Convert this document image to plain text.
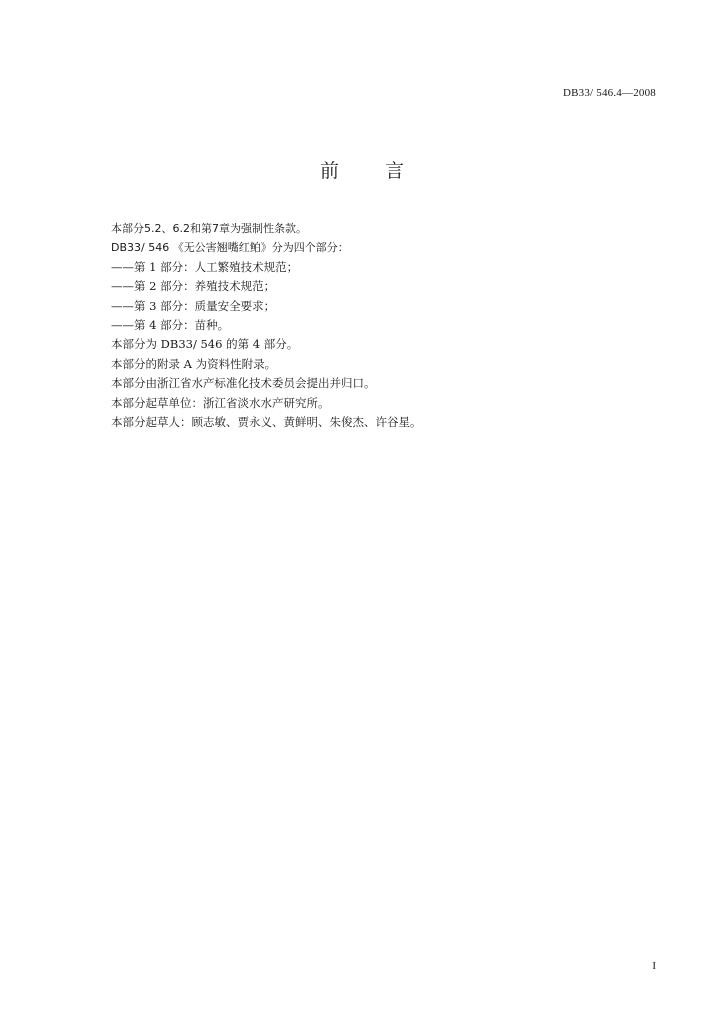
DB33/ 546.4—2008
前 言

本部分5.2、6.2和第7章为强制性条款。

DB33/ 546 《无公害翘嘴红鲌》分为四个部分：

——第 1 部分：人工繁殖技术规范；

——第 2 部分：养殖技术规范；

——第 3 部分：质量安全要求；

——第 4 部分：苗种。

本部分为 DB33/ 546 的第 4 部分。

本部分的附录 A 为资料性附录。

本部分由浙江省水产标准化技术委员会提出并归口。

本部分起草单位：浙江省淡水水产研究所。

本部分起草人：顾志敏、贾永义、黄鲜明、朱俊杰、许谷星。

I
